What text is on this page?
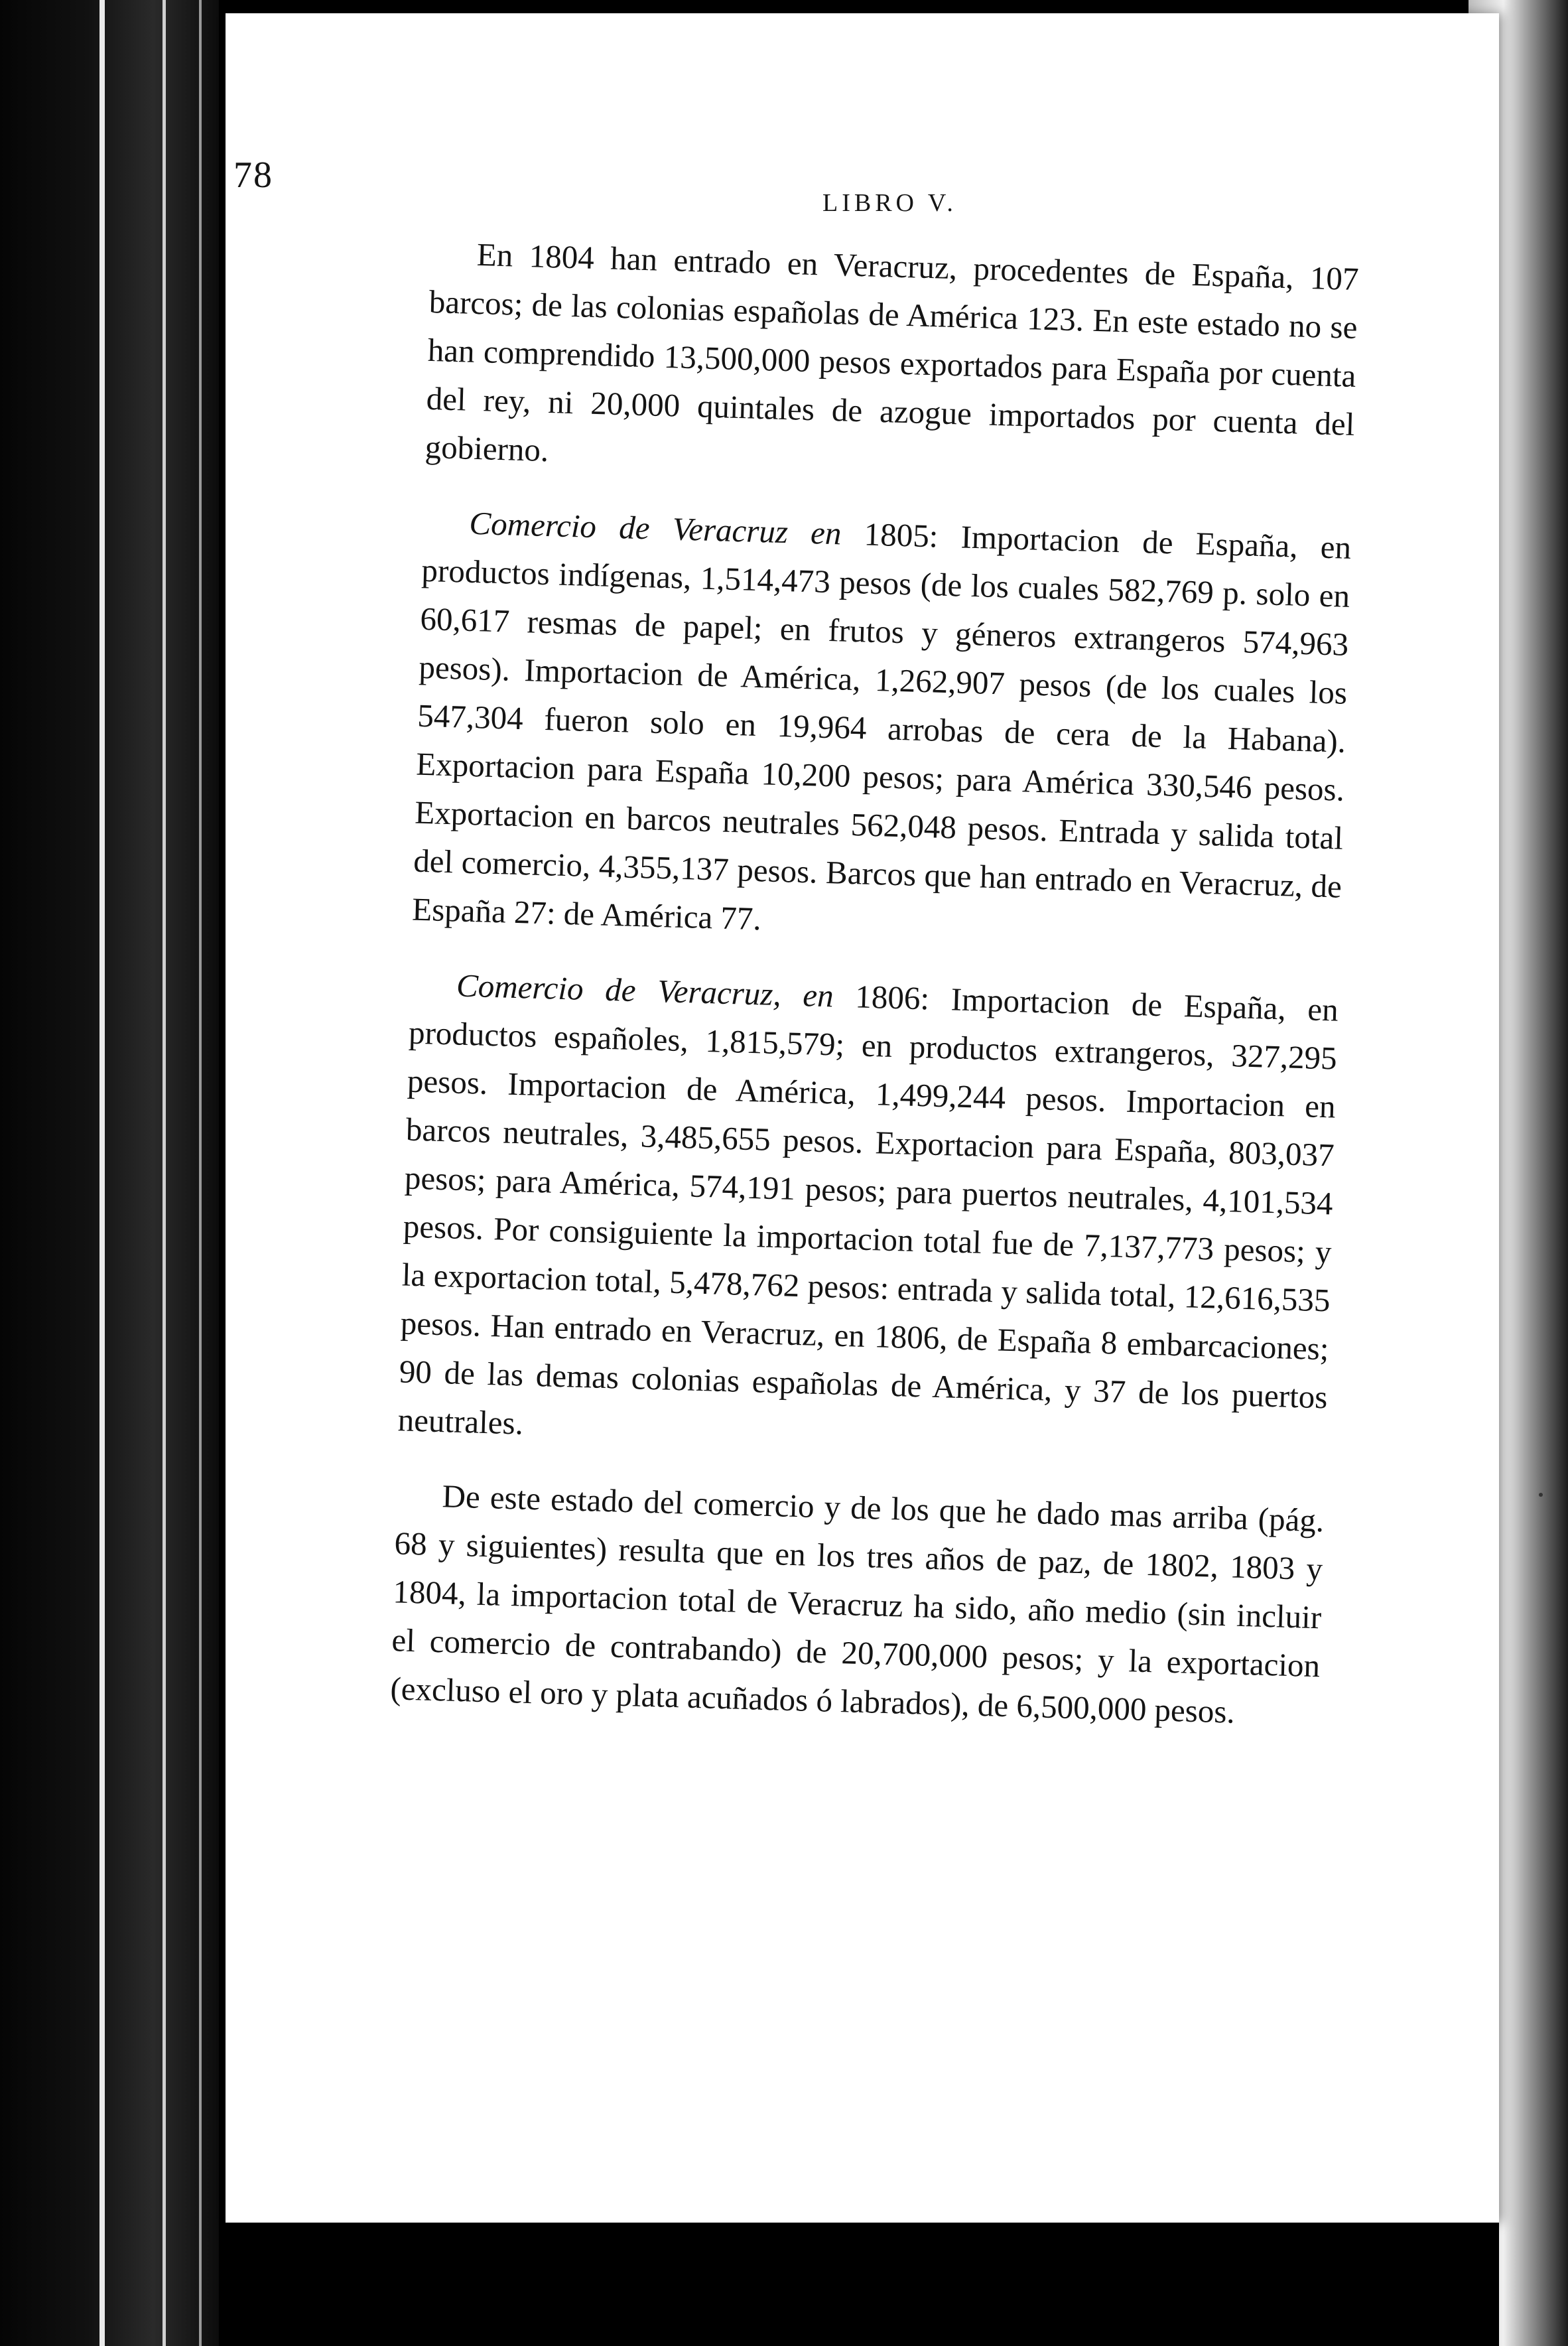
78
LIBRO V.

En 1804 han entrado en Veracruz, procedentes de España, 107 barcos; de las colonias españolas de América 123. En este estado no se han comprendido 13,500,000 pesos exportados para España por cuenta del rey, ni 20,000 quintales de azogue importados por cuenta del gobierno.

Comercio de Veracruz en 1805: Importacion de España, en productos indígenas, 1,514,473 pesos (de los cuales 582,769 p. solo en 60,617 resmas de papel; en frutos y géneros extrangeros 574,963 pesos). Importacion de América, 1,262,907 pesos (de los cuales los 547,304 fueron solo en 19,964 arrobas de cera de la Habana). Exportacion para España 10,200 pesos; para América 330,546 pesos. Exportacion en barcos neutrales 562,048 pesos. Entrada y salida total del comercio, 4,355,137 pesos. Barcos que han entrado en Veracruz, de España 27: de América 77.

Comercio de Veracruz, en 1806: Importacion de España, en productos españoles, 1,815,579; en productos extrangeros, 327,295 pesos. Importacion de América, 1,499,244 pesos. Importacion en barcos neutrales, 3,485,655 pesos. Exportacion para España, 803,037 pesos; para América, 574,191 pesos; para puertos neutrales, 4,101,534 pesos. Por consiguiente la importacion total fue de 7,137,773 pesos; y la exportacion total, 5,478,762 pesos: entrada y salida total, 12,616,535 pesos. Han entrado en Veracruz, en 1806, de España 8 embarcaciones; 90 de las demas colonias españolas de América, y 37 de los puertos neutrales.

De este estado del comercio y de los que he dado mas arriba (pág. 68 y siguientes) resulta que en los tres años de paz, de 1802, 1803 y 1804, la importacion total de Veracruz ha sido, año medio (sin incluir el comercio de contrabando) de 20,700,000 pesos; y la exportacion (excluso el oro y plata acuñados ó labrados), de 6,500,000 pesos.
